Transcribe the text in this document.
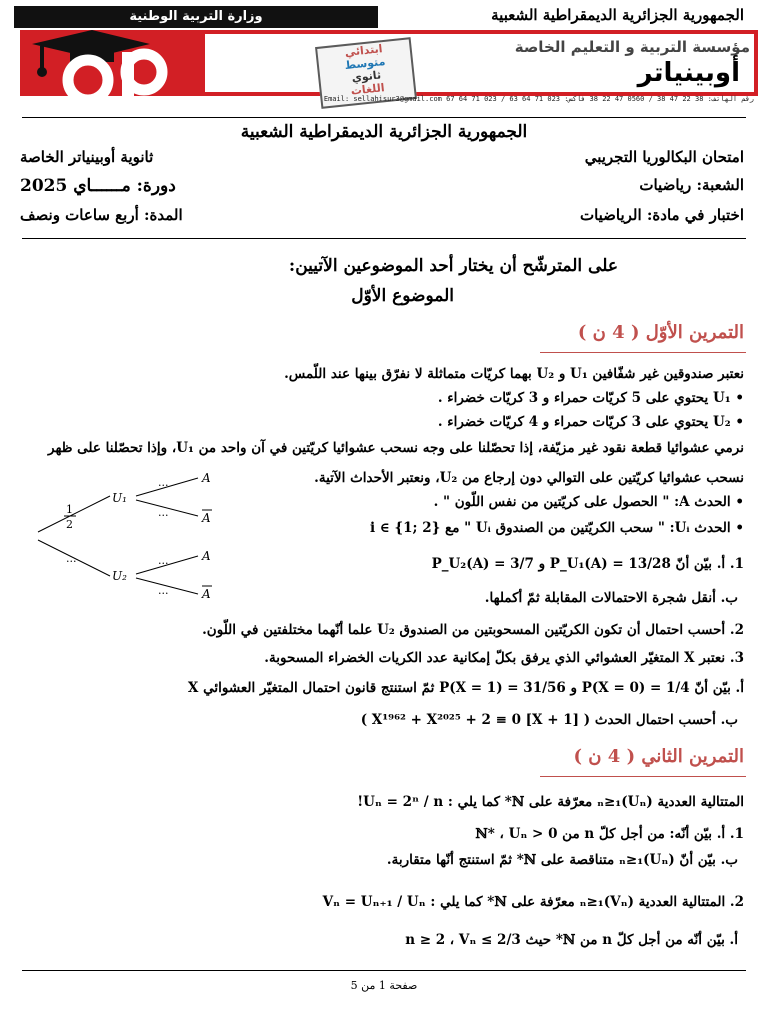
وزارة التربية الوطنية	الجمهورية الجزائرية الديمقراطية الشعبية
مؤسسة التربية و التعليم الخاصة
أوبينياتر
ابتدائي
متوسط
ثانوي
اللغات
رقم الهاتف: 38 22 47 38 / 0560 47 22 38 فاكس: 023 71 64 63 / 023 71 64 67 Email: sellahisur3@gmail.com
الجمهورية الجزائرية الديمقراطية الشعبية
امتحان البكالوريا التجريبي
ثانوية أوبينياتر الخاصة
الشعبة: رياضيات
دورة: مــــــاي 2025
اختبار في مادة: الرياضيات
المدة: أربع ساعات ونصف
على المترشّح أن يختار أحد الموضوعين الآتيين:
الموضوع الأوّل
التمرين الأوّل ( 4 ن )
نعتبر صندوقين غير شفّافين U₁ و U₂ بهما كريّات متماثلة لا نفرّق بينها عند اللّمس.
• U₁ يحتوي على 5 كريّات حمراء و 3 كريّات خضراء .
• U₂ يحتوي على 3 كريّات حمراء و 4 كريّات خضراء .
نرمي عشوائيا قطعة نقود غير مزيّفة، إذا تحصّلنا على وجه نسحب عشوائيا كريّتين في آن واحد من U₁، وإذا تحصّلنا على ظهر
نسحب عشوائيا كريّتين على التوالي دون إرجاع من U₂، ونعتبر الأحداث الآتية.
• الحدث A: " الحصول على كريّتين من نفس اللّون " .
• الحدث Uᵢ: " سحب الكريّتين من الصندوق Uᵢ " مع i ∈ {1; 2}
1. أ. بيّن أنّ P_U₁(A) = 13/28 و P_U₂(A) = 3/7
ب. أنقل شجرة الاحتمالات المقابلة ثمّ أكملها.
2. أحسب احتمال أن تكون الكريّتين المسحوبتين من الصندوق U₂ علما أنّهما مختلفتين في اللّون.
3. نعتبر X المتغيّر العشوائي الذي يرفق بكلّ إمكانية عدد الكريات الخضراء المسحوبة.
أ. بيّن أنّ P(X = 0) = 1/4 و P(X = 1) = 31/56 ثمّ استنتج قانون احتمال المتغيّر العشوائي X
ب. أحسب احتمال الحدث ( X¹⁹⁶² + X²⁰²⁵ + 2 ≡ 0 [X + 1] )
U₁
U₂
A
A
A
A
1
2
...
...
...
...
...
التمرين الثاني ( 4 ن )
المتتالية العددية (Uₙ)ₙ≥₁ معرّفة على ℕ* كما يلي : Uₙ = 2ⁿ / n!
1. أ. بيّن أنّه: من أجل كلّ n من ℕ* ، Uₙ > 0
ب. بيّن أنّ (Uₙ)ₙ≥₁ متناقصة على ℕ* ثمّ استنتج أنّها متقاربة.
2. المتتالية العددية (Vₙ)ₙ≥₁ معرّفة على ℕ* كما يلي : Vₙ = Uₙ₊₁ / Uₙ
أ. بيّن أنّه من أجل كلّ n من ℕ* حيث n ≥ 2 ، Vₙ ≤ 2/3
صفحة 1 من 5
